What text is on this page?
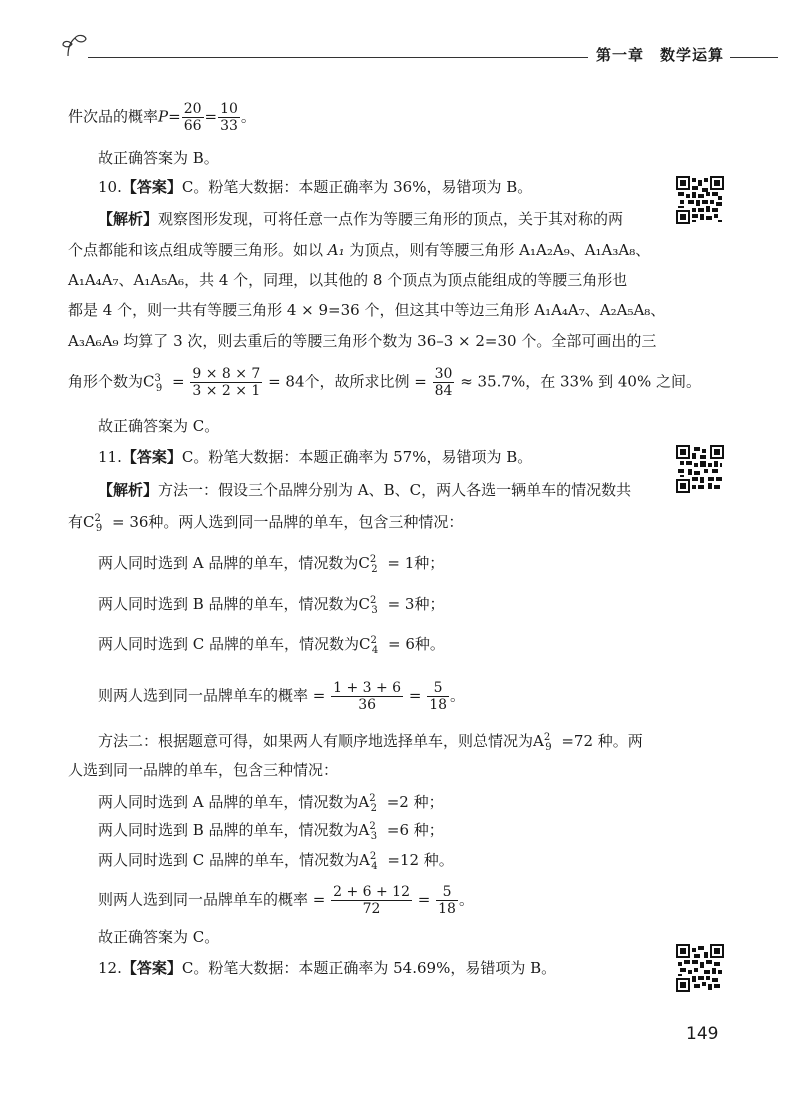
第一章　数学运算
件次品的概率$P= \frac{20}{66} = \frac{10}{33}$ 。
故正确答案为 B。
10.【答案】C。粉笔大数据：本题正确率为 36%，易错项为 B。
【解析】观察图形发现，可将任意一点作为等腰三角形的顶点，关于其对称的两
个点都能和该点组成等腰三角形。如以 A₁ 为顶点，则有等腰三角形 A₁A₂A₉、A₁A₃A₈、
A₁A₄A₇、A₁A₅A₆，共 4 个，同理，以其他的 8 个顶点为顶点能组成的等腰三角形也
都是 4 个，则一共有等腰三角形 4 × 9=36 个，但这其中等边三角形 A₁A₄A₇、A₂A₅A₈、
A₃A₆A₉ 均算了 3 次，则去重后的等腰三角形个数为 36–3 × 2=30 个。全部可画出的三
角形个数为$C^3_9 = \frac{9 \times 8 \times 7}{3 \times 2 \times 1} = 84$个，故所求比例 = $\frac{30}{84} \approx 35.7\%$，在 33% 到 40% 之间。
故正确答案为 C。
11.【答案】C。粉笔大数据：本题正确率为 57%，易错项为 B。
【解析】方法一：假设三个品牌分别为 A、B、C，两人各选一辆单车的情况数共
有$C^2_9 = 36$种。两人选到同一品牌的单车，包含三种情况：
两人同时选到 A 品牌的单车，情况数为$C^2_2 = 1$种；
两人同时选到 B 品牌的单车，情况数为$C^2_3 = 3$种；
两人同时选到 C 品牌的单车，情况数为$C^2_4 = 6$种。
则两人选到同一品牌单车的概率 = $\frac{1 + 3 + 6}{36} = \frac{5}{18}$ 。
方法二：根据题意可得，如果两人有顺序地选择单车，则总情况为$A^2_9 =72$ 种。两
人选到同一品牌的单车，包含三种情况：
两人同时选到 A 品牌的单车，情况数为$A^2_2 =2$ 种；
两人同时选到 B 品牌的单车，情况数为$A^2_3 =6$ 种；
两人同时选到 C 品牌的单车，情况数为$A^2_4 =12$ 种。
则两人选到同一品牌单车的概率 = $\frac{2 + 6 + 12}{72} = \frac{5}{18}$ 。
故正确答案为 C。
12.【答案】C。粉笔大数据：本题正确率为 54.69%，易错项为 B。
149
